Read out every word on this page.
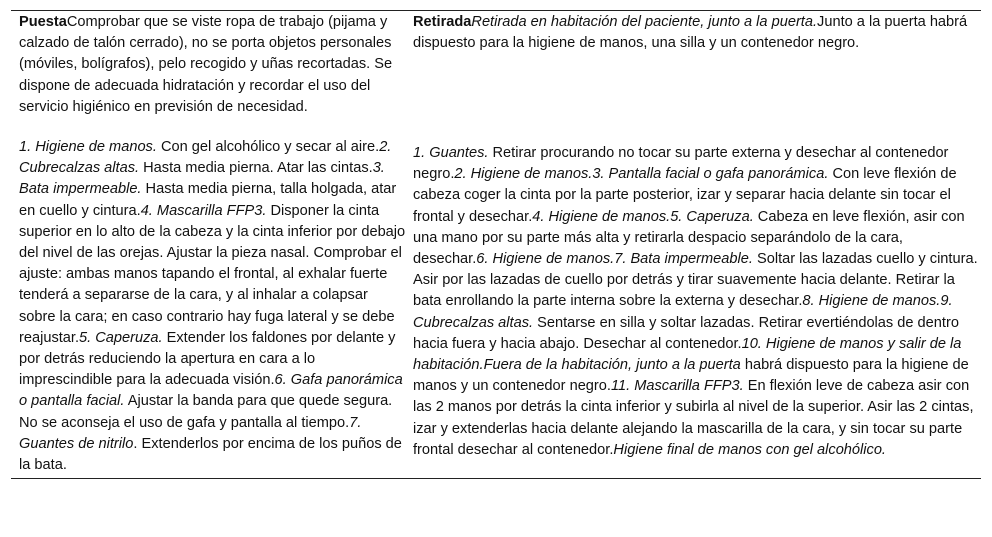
PuestaComprobar que se viste ropa de trabajo (pijama y calzado de talón cerrado), no se porta objetos personales (móviles, bolígrafos), pelo recogido y uñas recortadas. Se dispone de adecuada hidratación y recordar el uso del servicio higiénico en previsión de necesidad.
RetiradaRetirada en habitación del paciente, junto a la puerta.Junto a la puerta habrá dispuesto para la higiene de manos, una silla y un contenedor negro.
1. Higiene de manos. Con gel alcohólico y secar al aire.2. Cubrecalzas altas. Hasta media pierna. Atar las cintas.3. Bata impermeable. Hasta media pierna, talla holgada, atar en cuello y cintura.4. Mascarilla FFP3. Disponer la cinta superior en lo alto de la cabeza y la cinta inferior por debajo del nivel de las orejas. Ajustar la pieza nasal. Comprobar el ajuste: ambas manos tapando el frontal, al exhalar fuerte tenderá a separarse de la cara, y al inhalar a colapsar sobre la cara; en caso contrario hay fuga lateral y se debe reajustar.5. Caperuza. Extender los faldones por delante y por detrás reduciendo la apertura en cara a lo imprescindible para la adecuada visión.6. Gafa panorámica o pantalla facial. Ajustar la banda para que quede segura. No se aconseja el uso de gafa y pantalla al tiempo.7. Guantes de nitrilo. Extenderlos por encima de los puños de la bata.
1. Guantes. Retirar procurando no tocar su parte externa y desechar al contenedor negro.2. Higiene de manos.3. Pantalla facial o gafa panorámica. Con leve flexión de cabeza coger la cinta por la parte posterior, izar y separar hacia delante sin tocar el frontal y desechar.4. Higiene de manos.5. Caperuza. Cabeza en leve flexión, asir con una mano por su parte más alta y retirarla despacio separándolo de la cara, desechar.6. Higiene de manos.7. Bata impermeable. Soltar las lazadas cuello y cintura. Asir por las lazadas de cuello por detrás y tirar suavemente hacia delante. Retirar la bata enrollando la parte interna sobre la externa y desechar.8. Higiene de manos.9. Cubrecalzas altas. Sentarse en silla y soltar lazadas. Retirar evertiéndolas de dentro hacia fuera y hacia abajo. Desechar al contenedor.10. Higiene de manos y salir de la habitación.Fuera de la habitación, junto a la puerta habrá dispuesto para la higiene de manos y un contenedor negro.11. Mascarilla FFP3. En flexión leve de cabeza asir con las 2 manos por detrás la cinta inferior y subirla al nivel de la superior. Asir las 2 cintas, izar y extenderlas hacia delante alejando la mascarilla de la cara, y sin tocar su parte frontal desechar al contenedor.Higiene final de manos con gel alcohólico.
